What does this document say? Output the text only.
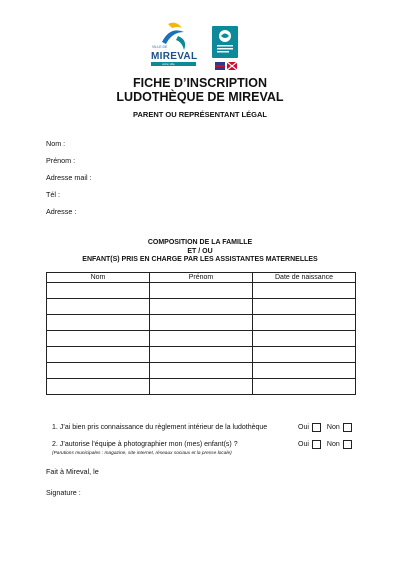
VILLE DE
MIREVAL
votre ville
FICHE D’INSCRIPTION
LUDOTHÈQUE DE MIREVAL
PARENT OU REPRÉSENTANT LÉGAL
Nom :
Prénom :
Adresse mail :
Tél :
Adresse :
COMPOSITION DE LA FAMILLE
ET / OU
ENFANT(S) PRIS EN CHARGE PAR LES ASSISTANTES MATERNELLES
Nom	Prénom	Date de naissance

1. J’ai bien pris connaissance du règlement intérieur de la ludothèque	Oui	Non
2. J’autorise l’équipe à photographier mon (mes) enfant(s) ?	Oui	Non
(Parutions municipales : magazine, site internet, réseaux sociaux et la presse locale)
Fait à Mireval, le
Signature :
